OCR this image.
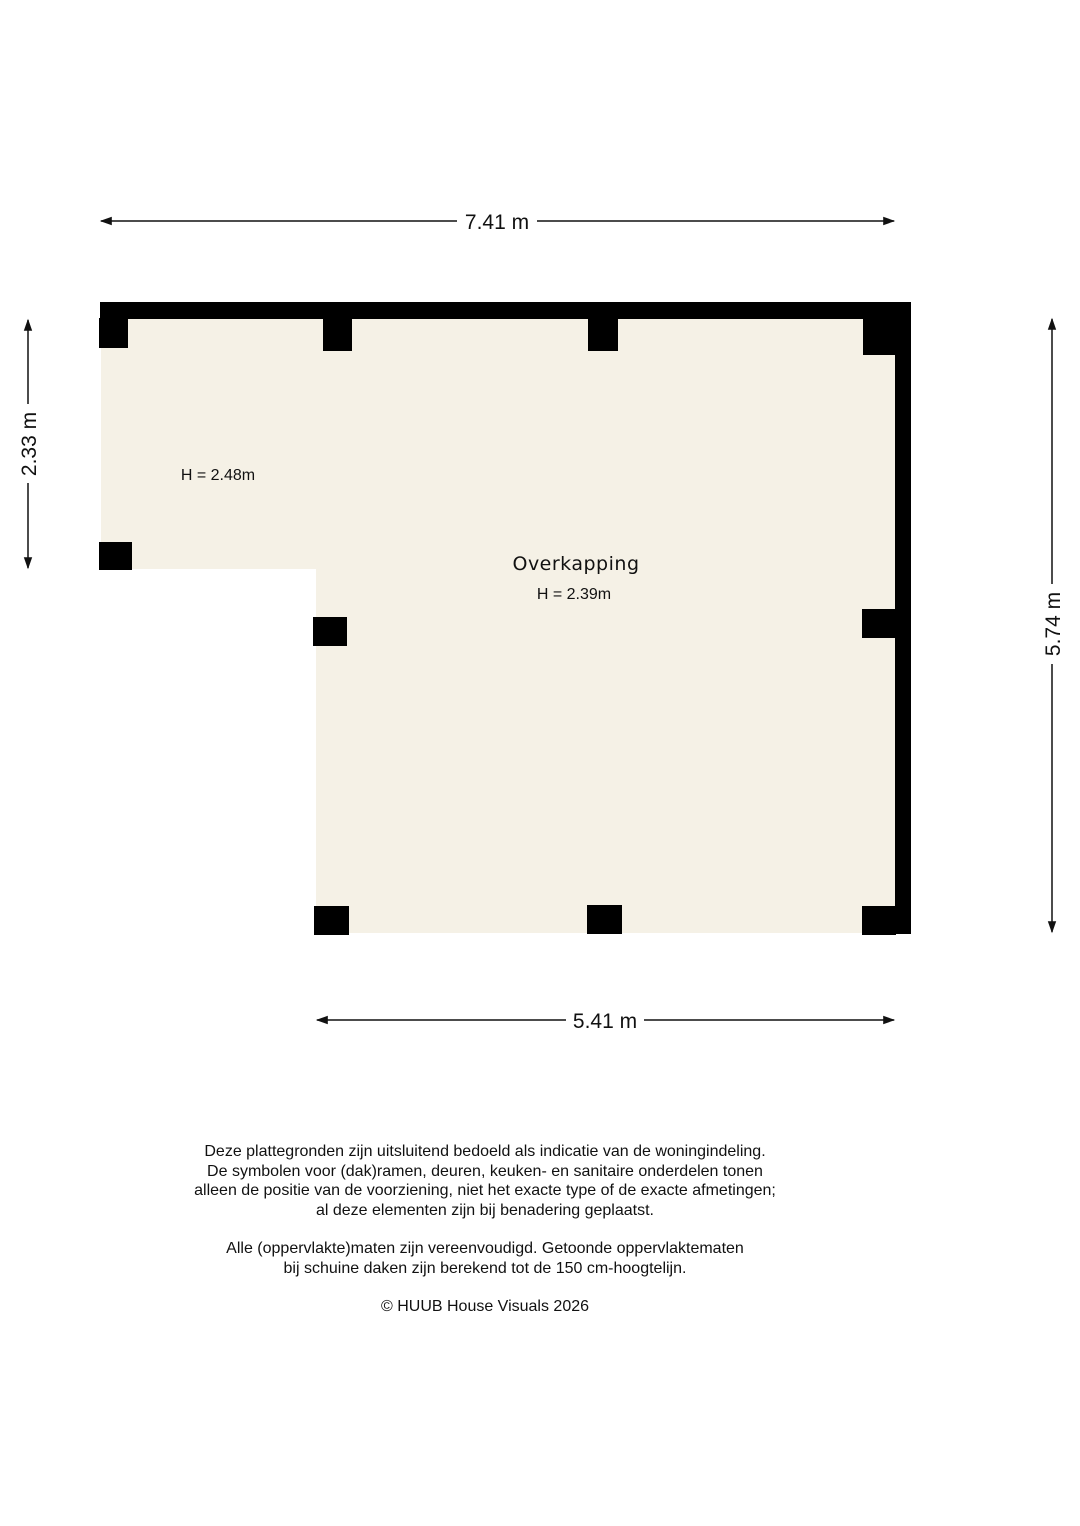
Overkapping
H = 2.39m
H = 2.48m
7.41 m
5.41 m
2.33 m
5.74 m
Deze plattegronden zijn uitsluitend bedoeld als indicatie van de woningindeling.
De symbolen voor (dak)ramen, deuren, keuken- en sanitaire onderdelen tonen
alleen de positie van de voorziening, niet het exacte type of de exacte afmetingen;
al deze elementen zijn bij benadering geplaatst.
Alle (oppervlakte)maten zijn vereenvoudigd. Getoonde oppervlaktematen
bij schuine daken zijn berekend tot de 150 cm-hoogtelijn.
© HUUB House Visuals 2026
